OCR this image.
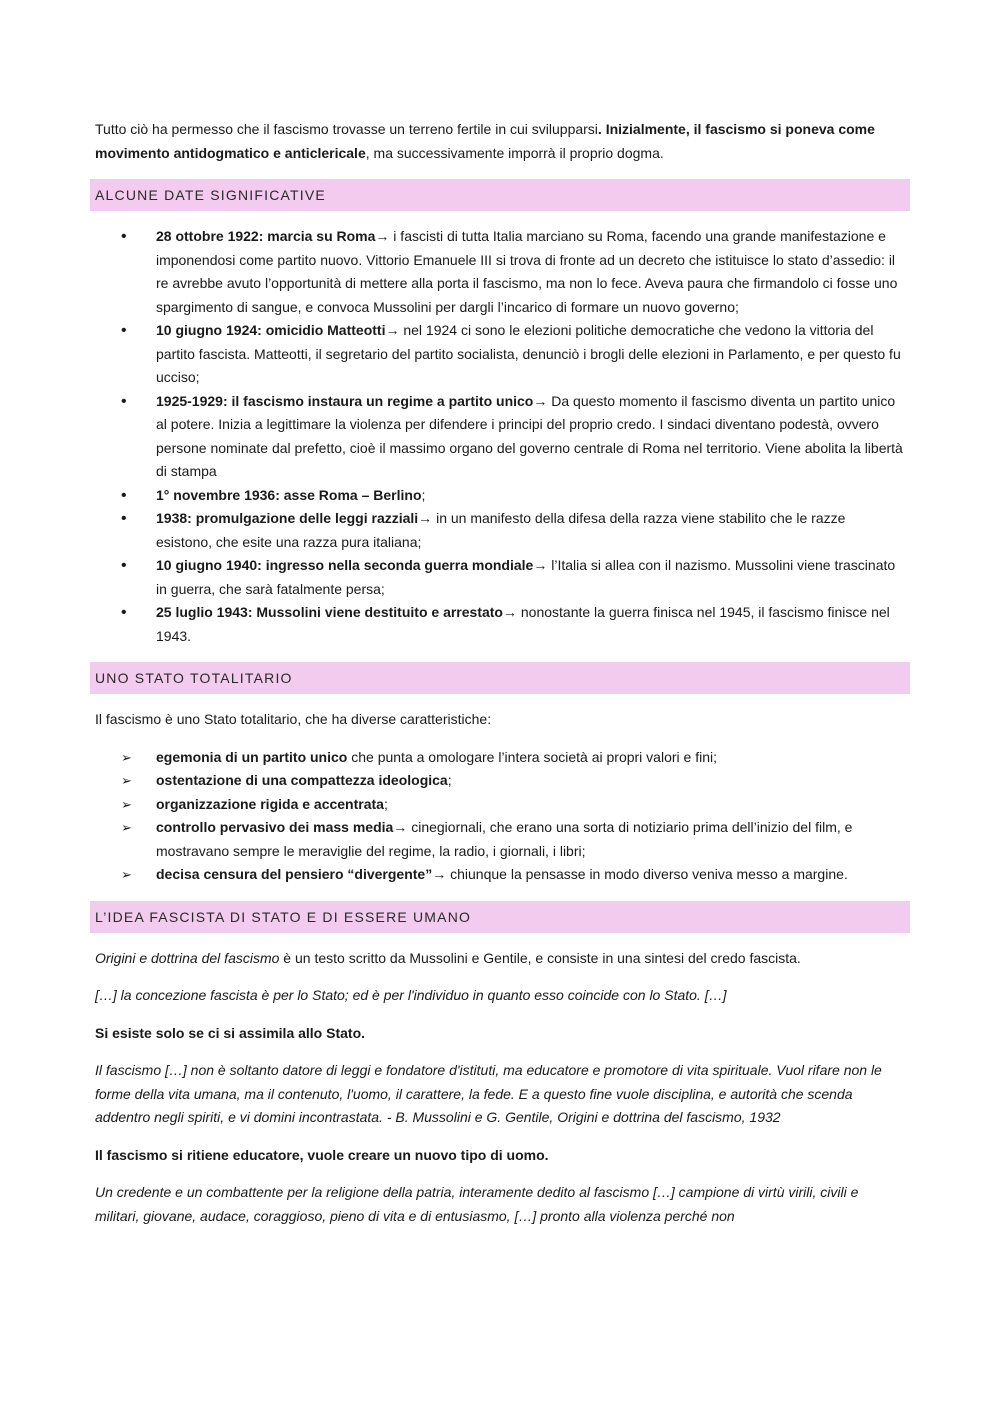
Tutto ciò ha permesso che il fascismo trovasse un terreno fertile in cui svilupparsi. Inizialmente, il fascismo si poneva come movimento antidogmatico e anticlericale, ma successivamente imporrà il proprio dogma.

ALCUNE DATE SIGNIFICATIVE
•
28 ottobre 1922: marcia su Roma→ i fascisti di tutta Italia marciano su Roma, facendo una grande manifestazione e imponendosi come partito nuovo. Vittorio Emanuele III si trova di fronte ad un decreto che istituisce lo stato d’assedio: il re avrebbe avuto l’opportunità di mettere alla porta il fascismo, ma non lo fece. Aveva paura che firmandolo ci fosse uno spargimento di sangue, e convoca Mussolini per dargli l’incarico di formare un nuovo governo;
•
10 giugno 1924: omicidio Matteotti→ nel 1924 ci sono le elezioni politiche democratiche che vedono la vittoria del partito fascista. Matteotti, il segretario del partito socialista, denunciò i brogli delle elezioni in Parlamento, e per questo fu ucciso;
•
1925-1929: il fascismo instaura un regime a partito unico→ Da questo momento il fascismo diventa un partito unico al potere. Inizia a legittimare la violenza per difendere i principi del proprio credo. I sindaci diventano podestà, ovvero persone nominate dal prefetto, cioè il massimo organo del governo centrale di Roma nel territorio. Viene abolita la libertà di stampa
•
1° novembre 1936: asse Roma – Berlino;
•
1938: promulgazione delle leggi razziali→ in un manifesto della difesa della razza viene stabilito che le razze esistono, che esite una razza pura italiana;
•
10 giugno 1940: ingresso nella seconda guerra mondiale→ l’Italia si allea con il nazismo. Mussolini viene trascinato in guerra, che sarà fatalmente persa;
•
25 luglio 1943: Mussolini viene destituito e arrestato→ nonostante la guerra finisca nel 1945, il fascismo finisce nel 1943.
UNO STATO TOTALITARIO

Il fascismo è uno Stato totalitario, che ha diverse caratteristiche:

➢
egemonia di un partito unico che punta a omologare l’intera società ai propri valori e fini;
➢
ostentazione di una compattezza ideologica;
➢
organizzazione rigida e accentrata;
➢
controllo pervasivo dei mass media→ cinegiornali, che erano una sorta di notiziario prima dell’inizio del film, e mostravano sempre le meraviglie del regime, la radio, i giornali, i libri;
➢
decisa censura del pensiero “divergente”→ chiunque la pensasse in modo diverso veniva messo a margine.
L’IDEA FASCISTA DI STATO E DI ESSERE UMANO

Origini e dottrina del fascismo è un testo scritto da Mussolini e Gentile, e consiste in una sintesi del credo fascista.

[…] la concezione fascista è per lo Stato; ed è per l'individuo in quanto esso coincide con lo Stato. […]

Si esiste solo se ci si assimila allo Stato.

Il fascismo […] non è soltanto datore di leggi e fondatore d'istituti, ma educatore e promotore di vita spirituale. Vuol rifare non le forme della vita umana, ma il contenuto, l'uomo, il carattere, la fede. E a questo fine vuole disciplina, e autorità che scenda addentro negli spiriti, e vi domini incontrastata. - B. Mussolini e G. Gentile, Origini e dottrina del fascismo, 1932

Il fascismo si ritiene educatore, vuole creare un nuovo tipo di uomo.

Un credente e un combattente per la religione della patria, interamente dedito al fascismo […] campione di virtù virili, civili e militari, giovane, audace, coraggioso, pieno di vita e di entusiasmo, […] pronto alla violenza perché non
